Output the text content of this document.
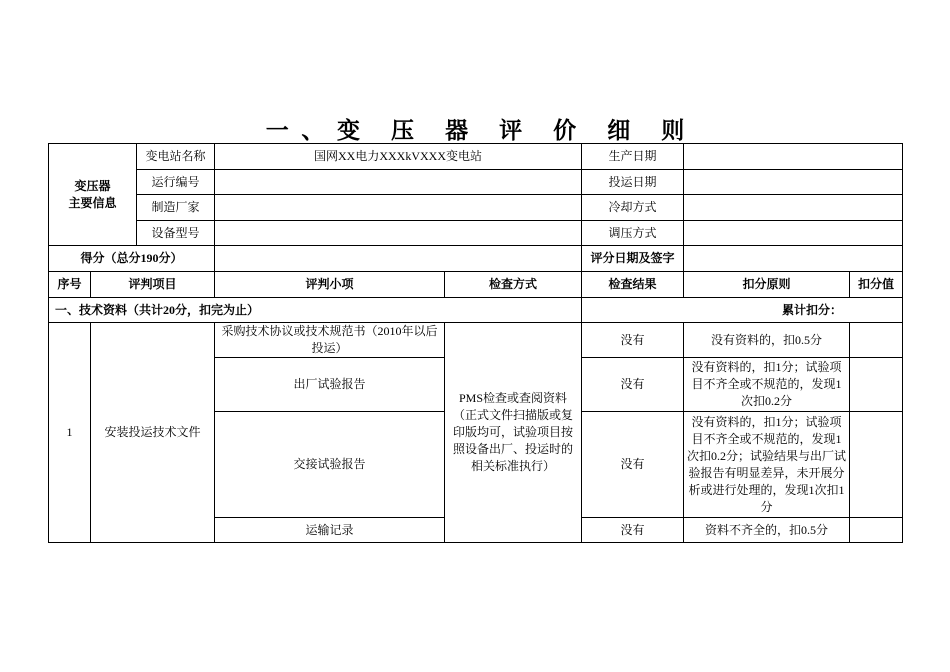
一、变 压 器 评 价 细 则
变压器
主要信息		变电站名称	国网XX电力XXXkVXXX变电站		生产日期		
		运行编号			投运日期		
		制造厂家			冷却方式		
		设备型号			调压方式		
得分（总分190分）					评分日期及签字		
序号	评判项目		评判小项	检查方式	检查结果	扣分原则	扣分值
一、技术资料（共计20分，扣完为止）					累计扣分：		
1	安装投运技术文件		采购技术协议或技术规范书（2010年以后投运）	PMS检查或查阅资料（正式文件扫描版或复印版均可，试验项目按照设备出厂、投运时的相关标准执行）	没有	没有资料的，扣0.5分	
			出厂试验报告		没有	没有资料的，扣1分；试验项目不齐全或不规范的，发现1次扣0.2分	
			交接试验报告		没有	没有资料的，扣1分；试验项目不齐全或不规范的，发现1次扣0.2分；试验结果与出厂试验报告有明显差异，未开展分析或进行处理的，发现1次扣1分	
			运输记录		没有	资料不齐全的，扣0.5分	
